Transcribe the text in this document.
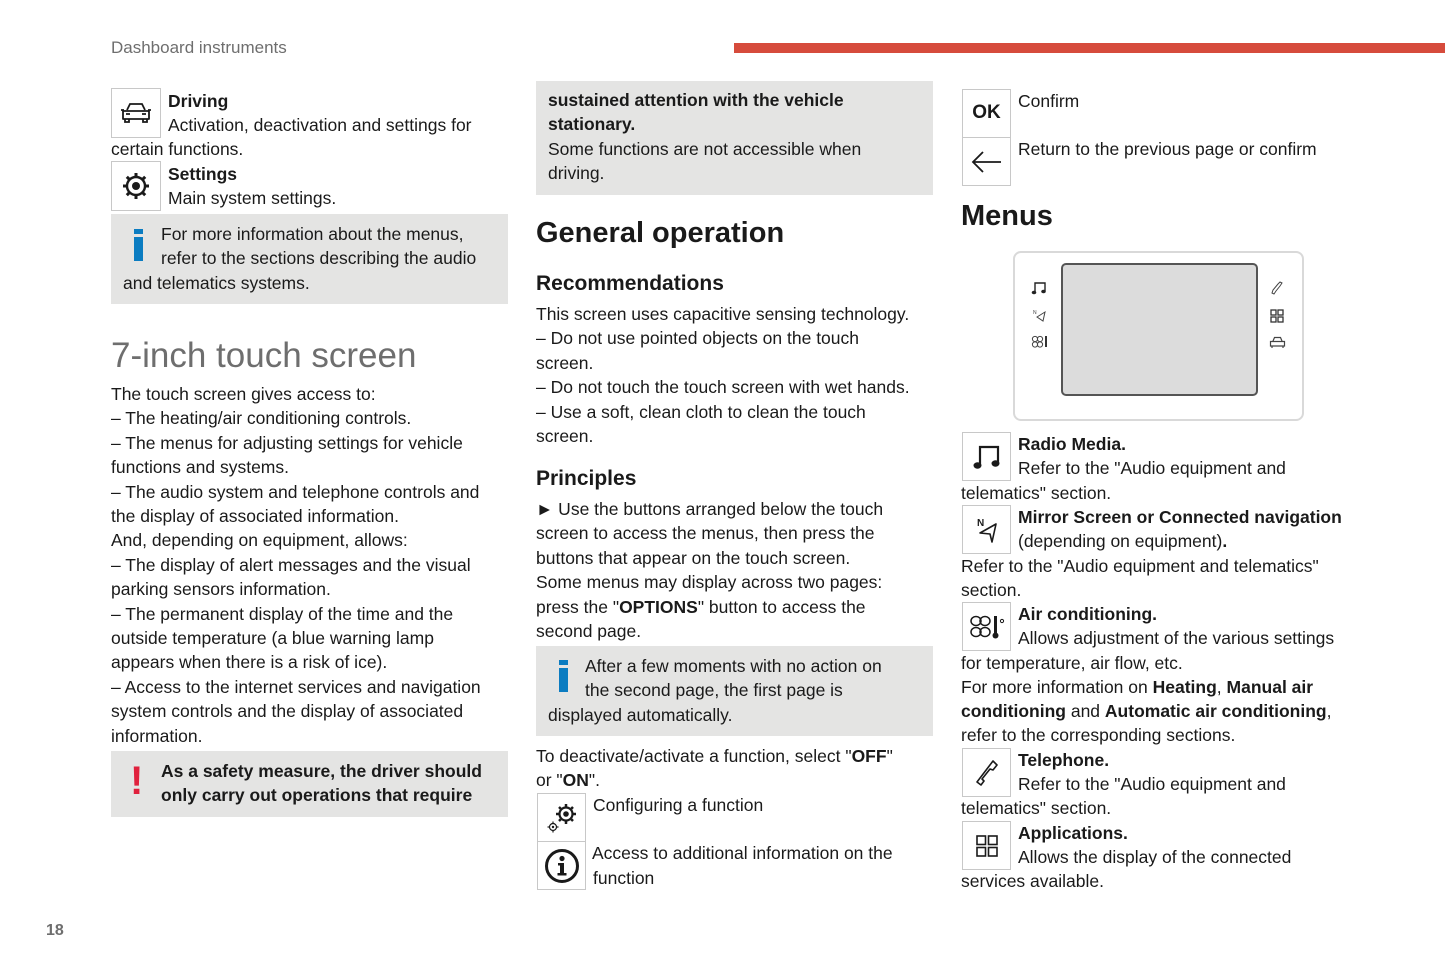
Dashboard instruments
Driving
Activation, deactivation and settings for
certain functions.
Settings
Main system settings.
For more information about the menus,
refer to the sections describing the audio
and telematics systems.
7-inch touch screen
The touch screen gives access to:
– The heating/air conditioning controls.
– The menus for adjusting settings for vehicle
functions and systems.
– The audio system and telephone controls and
the display of associated information.
And, depending on equipment, allows:
– The display of alert messages and the visual
parking sensors information.
– The permanent display of the time and the
outside temperature (a blue warning lamp
appears when there is a risk of ice).
– Access to the internet services and navigation
system controls and the display of associated
information.
! As a safety measure, the driver should
only carry out operations that require
sustained attention with the vehicle
stationary.
Some functions are not accessible when
driving.
General operation
Recommendations
This screen uses capacitive sensing technology.
– Do not use pointed objects on the touch
screen.
– Do not touch the touch screen with wet hands.
– Use a soft, clean cloth to clean the touch
screen.
Principles
► Use the buttons arranged below the touch
screen to access the menus, then press the
buttons that appear on the touch screen.
Some menus may display across two pages:
press the "OPTIONS" button to access the
second page.
After a few moments with no action on
the second page, the first page is
displayed automatically.
To deactivate/activate a function, select "OFF"
or "ON".
Configuring a function
Access to additional information on the
function
OK
Confirm
Return to the previous page or confirm
Menus
N
Radio Media.
Refer to the "Audio equipment and
telematics" section.
N Mirror Screen or Connected navigation
(depending on equipment).
Refer to the "Audio equipment and telematics"
section.
Air conditioning.
Allows adjustment of the various settings
for temperature, air flow, etc.
For more information on Heating, Manual air
conditioning and Automatic air conditioning,
refer to the corresponding sections.
Telephone.
Refer to the "Audio equipment and
telematics" section.
Applications.
Allows the display of the connected
services available.
18
